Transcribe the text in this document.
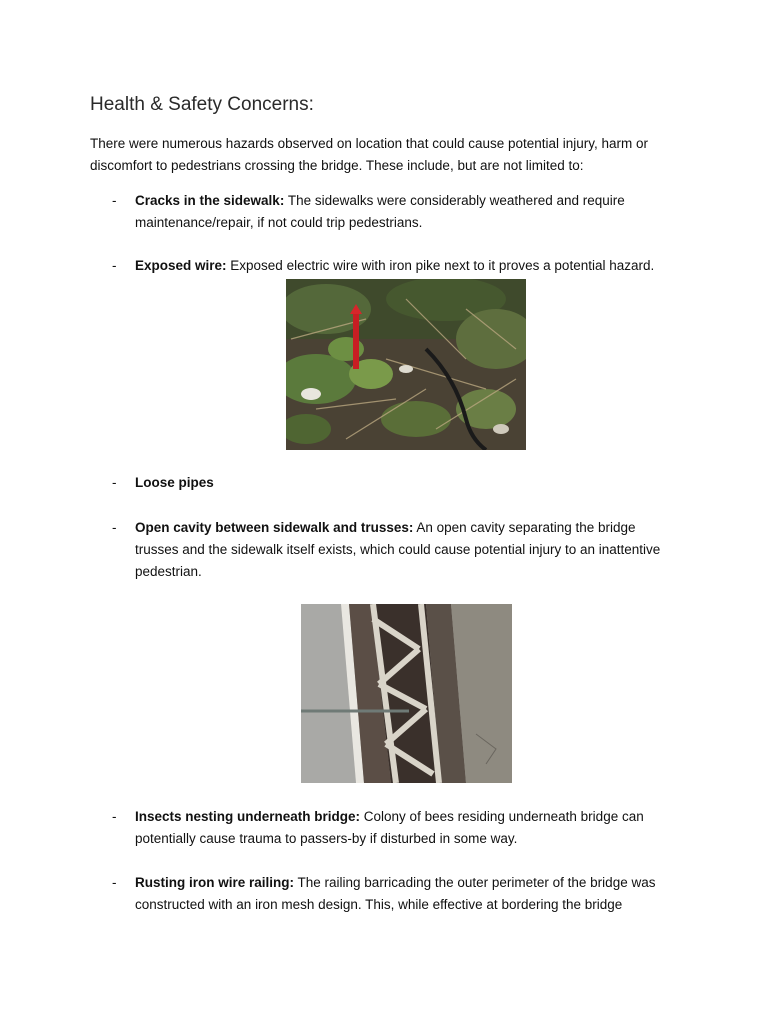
Health & Safety Concerns:

There were numerous hazards observed on location that could cause potential injury, harm or discomfort to pedestrians crossing the bridge. These include, but are not limited to:

- Cracks in the sidewalk: The sidewalks were considerably weathered and require maintenance/repair, if not could trip pedestrians.
- Exposed wire: Exposed electric wire with iron pike next to it proves a potential hazard.
- Loose pipes
- Open cavity between sidewalk and trusses: An open cavity separating the bridge trusses and the sidewalk itself exists, which could cause potential injury to an inattentive pedestrian.
- Insects nesting underneath bridge: Colony of bees residing underneath bridge can potentially cause trauma to passers-by if disturbed in some way.
- Rusting iron wire railing: The railing barricading the outer perimeter of the bridge was constructed with an iron mesh design. This, while effective at bordering the bridge
